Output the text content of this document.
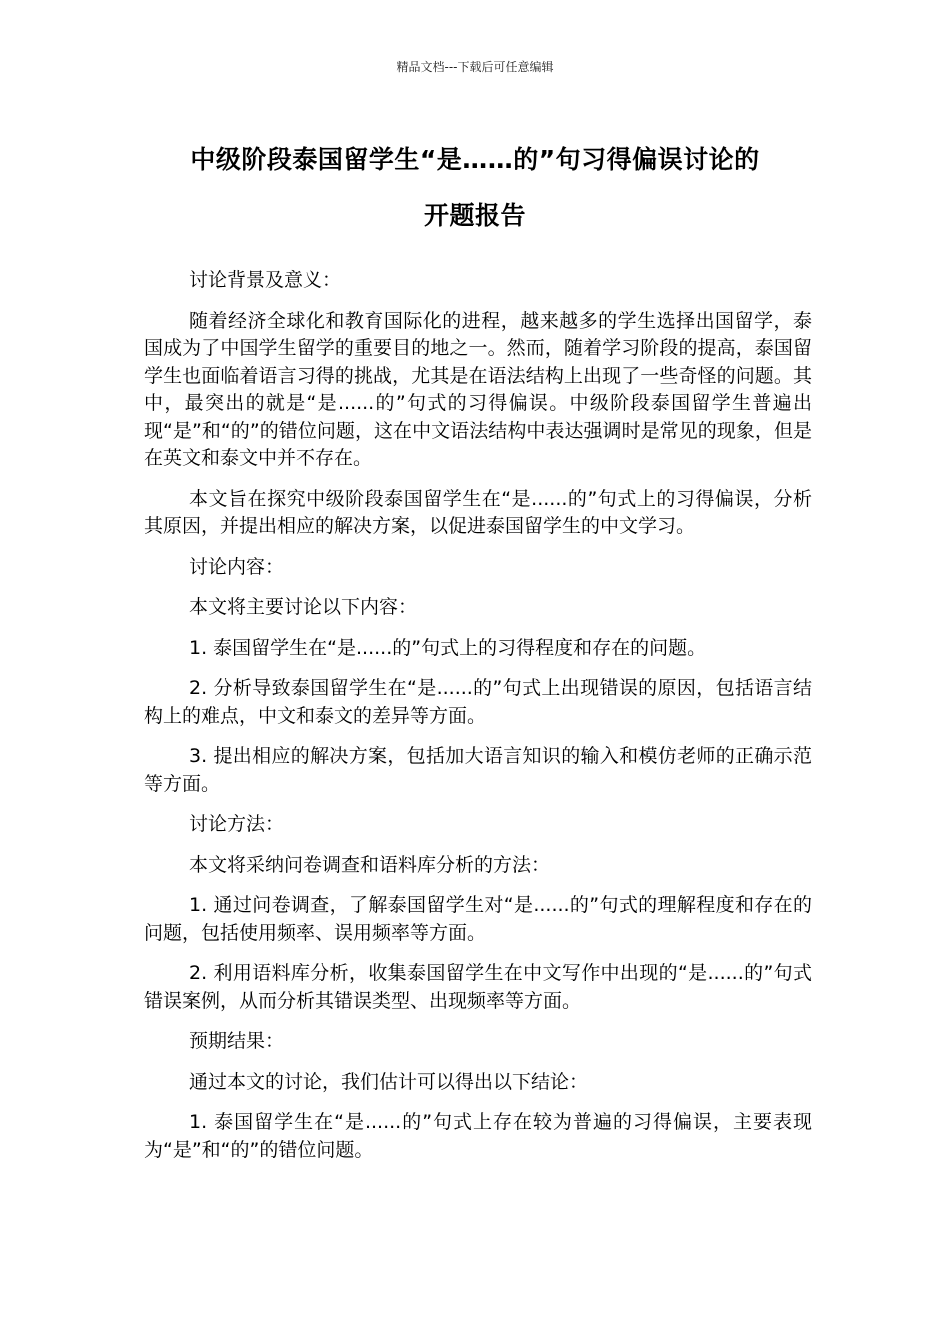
精品文档---下载后可任意编辑
中级阶段泰国留学生“是……的”句习得偏误讨论的
开题报告

讨论背景及意义：

随着经济全球化和教育国际化的进程，越来越多的学生选择出国留学，泰国成为了中国学生留学的重要目的地之一。然而，随着学习阶段的提高，泰国留学生也面临着语言习得的挑战，尤其是在语法结构上出现了一些奇怪的问题。其中，最突出的就是“是......的”句式的习得偏误。中级阶段泰国留学生普遍出现“是”和“的”的错位问题，这在中文语法结构中表达强调时是常见的现象，但是在英文和泰文中并不存在。

本文旨在探究中级阶段泰国留学生在“是......的”句式上的习得偏误，分析其原因，并提出相应的解决方案，以促进泰国留学生的中文学习。

讨论内容：

本文将主要讨论以下内容：

1. 泰国留学生在“是......的”句式上的习得程度和存在的问题。

2. 分析导致泰国留学生在“是......的”句式上出现错误的原因，包括语言结构上的难点，中文和泰文的差异等方面。

3. 提出相应的解决方案，包括加大语言知识的输入和模仿老师的正确示范等方面。

讨论方法：

本文将采纳问卷调查和语料库分析的方法：

1. 通过问卷调查，了解泰国留学生对“是......的”句式的理解程度和存在的问题，包括使用频率、误用频率等方面。

2. 利用语料库分析，收集泰国留学生在中文写作中出现的“是......的”句式错误案例，从而分析其错误类型、出现频率等方面。

预期结果：

通过本文的讨论，我们估计可以得出以下结论：

1. 泰国留学生在“是......的”句式上存在较为普遍的习得偏误，主要表现为“是”和“的”的错位问题。
